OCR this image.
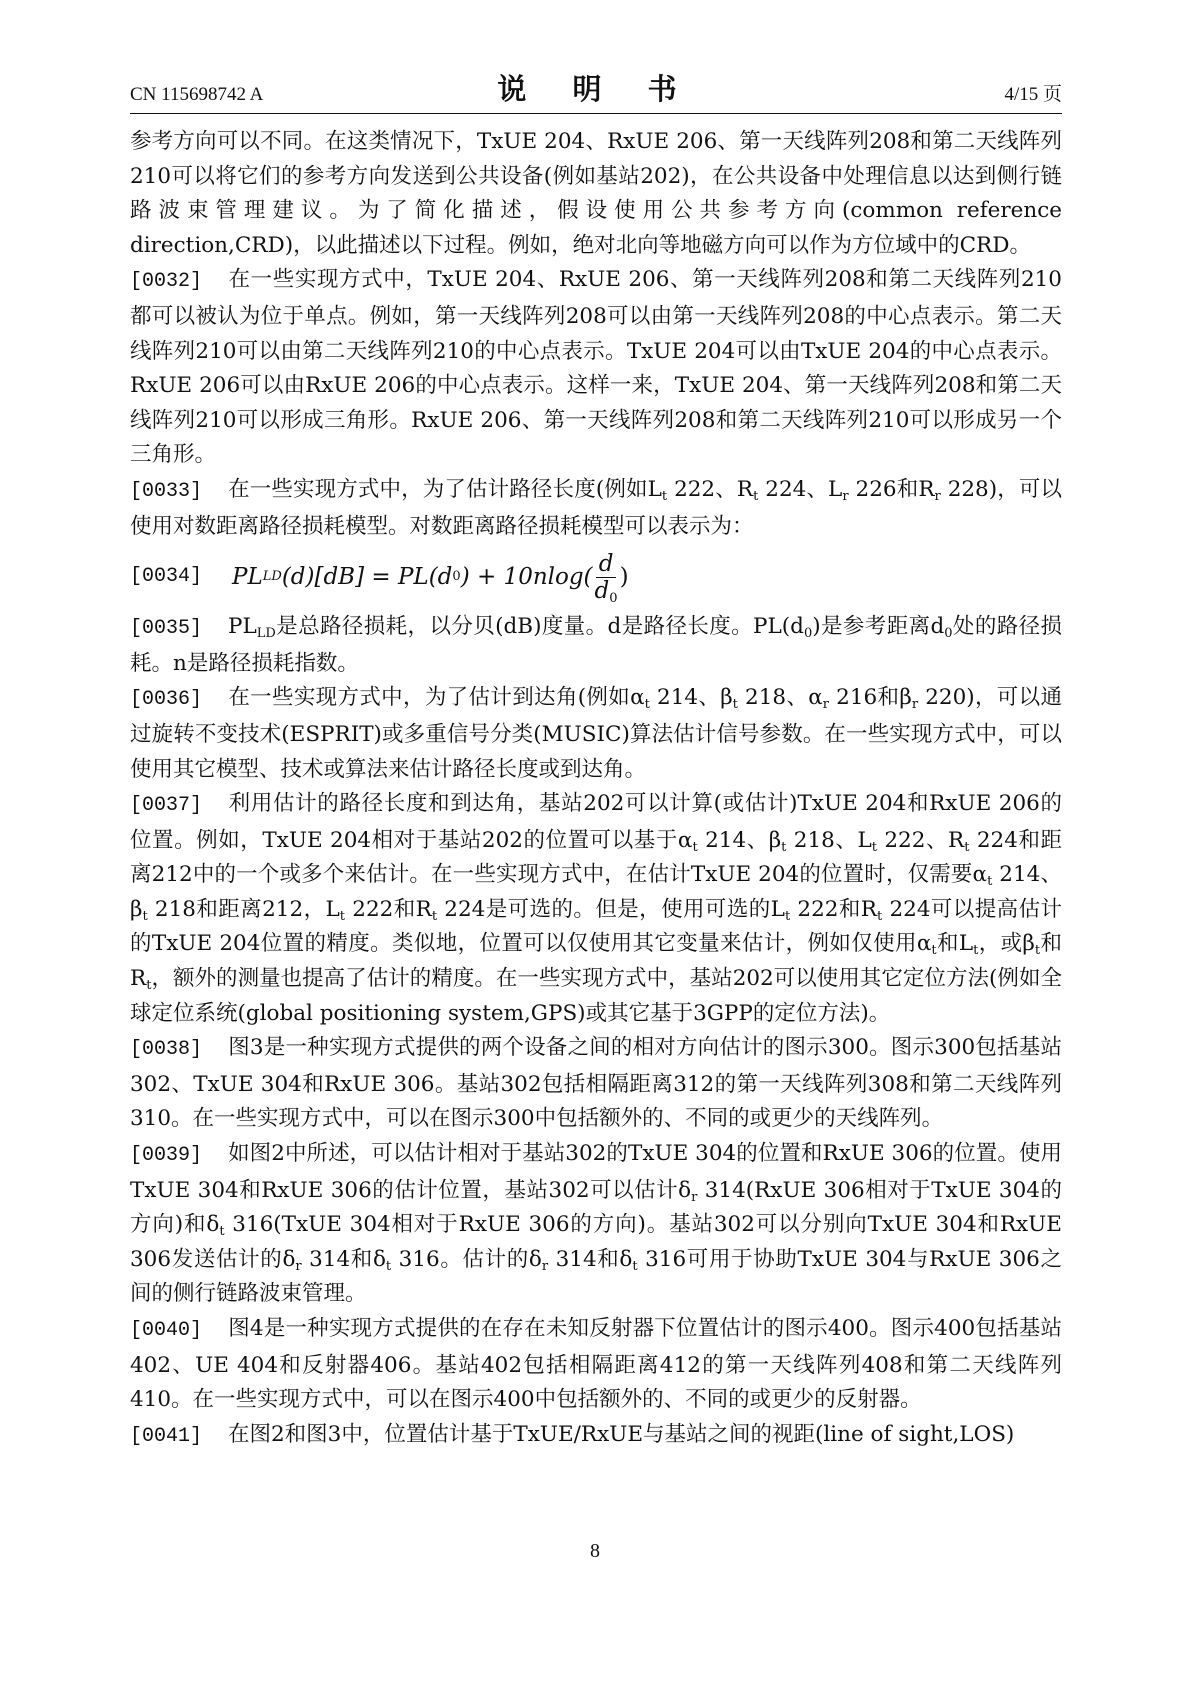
CN 115698742 A	说 明 书	4/15 页

参考方向可以不同。在这类情况下，TxUE 204、RxUE 206、第一天线阵列208和第二天线阵列210可以将它们的参考方向发送到公共设备(例如基站202)，在公共设备中处理信息以达到侧行链路波束管理建议。为了简化描述，假设使用公共参考方向(common reference direction,CRD)，以此描述以下过程。例如，绝对北向等地磁方向可以作为方位域中的CRD。

[0032] 在一些实现方式中，TxUE 204、RxUE 206、第一天线阵列208和第二天线阵列210都可以被认为位于单点。例如，第一天线阵列208可以由第一天线阵列208的中心点表示。第二天线阵列210可以由第二天线阵列210的中心点表示。TxUE 204可以由TxUE 204的中心点表示。RxUE 206可以由RxUE 206的中心点表示。这样一来，TxUE 204、第一天线阵列208和第二天线阵列210可以形成三角形。RxUE 206、第一天线阵列208和第二天线阵列210可以形成另一个三角形。

[0033] 在一些实现方式中，为了估计路径长度(例如$L_t$ 222、$R_t$ 224、$L_r$ 226和$R_r$ 228)，可以使用对数距离路径损耗模型。对数距离路径损耗模型可以表示为：

[0034]	PL LD (d)[dB] =
PL(d 0 ) + $10nlog( \frac{d}{d_0}$ )

[0035] $PL_{LD}$是总路径损耗，以分贝(dB)度量。d是路径长度。$PL(d_0)$是参考距离$d_0$处的路径损耗。n是路径损耗指数。

[0036] 在一些实现方式中，为了估计到达角(例如$\alpha_t$ 214、$\beta_t$ 218、$\alpha_r$ 216和$\beta_r$ 220)，可以通过旋转不变技术(ESPRIT)或多重信号分类(MUSIC)算法估计信号参数。在一些实现方式中，可以使用其它模型、技术或算法来估计路径长度或到达角。

[0037] 利用估计的路径长度和到达角，基站202可以计算(或估计)TxUE 204和RxUE 206的位置。例如，TxUE 204相对于基站202的位置可以基于$\alpha_t$ 214、$\beta_t$ 218、$L_t$ 222、$R_t$ 224和距离212中的一个或多个来估计。在一些实现方式中，在估计TxUE 204的位置时，仅需要$\alpha_t$ 214、$\beta_t$ 218和距离212，$L_t$ 222和$R_t$ 224是可选的。但是，使用可选的$L_t$ 222和$R_t$ 224可以提高估计的TxUE 204位置的精度。类似地，位置可以仅使用其它变量来估计，例如仅使用$\alpha_t$和$L_t$，或$\beta_t$和$R_t$，额外的测量也提高了估计的精度。在一些实现方式中，基站202可以使用其它定位方法(例如全球定位系统(global positioning system,GPS)或其它基于3GPP的定位方法)。

[0038] 图3是一种实现方式提供的两个设备之间的相对方向估计的图示300。图示300包括基站302、TxUE 304和RxUE 306。基站302包括相隔距离312的第一天线阵列308和第二天线阵列310。在一些实现方式中，可以在图示300中包括额外的、不同的或更少的天线阵列。

[0039] 如图2中所述，可以估计相对于基站302的TxUE 304的位置和RxUE 306的位置。使用TxUE 304和RxUE 306的估计位置，基站302可以估计$\delta_r$ 314(RxUE 306相对于TxUE 304的方向)和$\delta_t$ 316(TxUE 304相对于RxUE 306的方向)。基站302可以分别向TxUE 304和RxUE 306发送估计的$\delta_r$ 314和$\delta_t$ 316。估计的$\delta_r$ 314和$\delta_t$ 316可用于协助TxUE 304与RxUE 306之间的侧行链路波束管理。

[0040] 图4是一种实现方式提供的在存在未知反射器下位置估计的图示400。图示400包括基站402、UE 404和反射器406。基站402包括相隔距离412的第一天线阵列408和第二天线阵列410。在一些实现方式中，可以在图示400中包括额外的、不同的或更少的反射器。

[0041] 在图2和图3中，位置估计基于TxUE/RxUE与基站之间的视距(line of sight,LOS)

8
